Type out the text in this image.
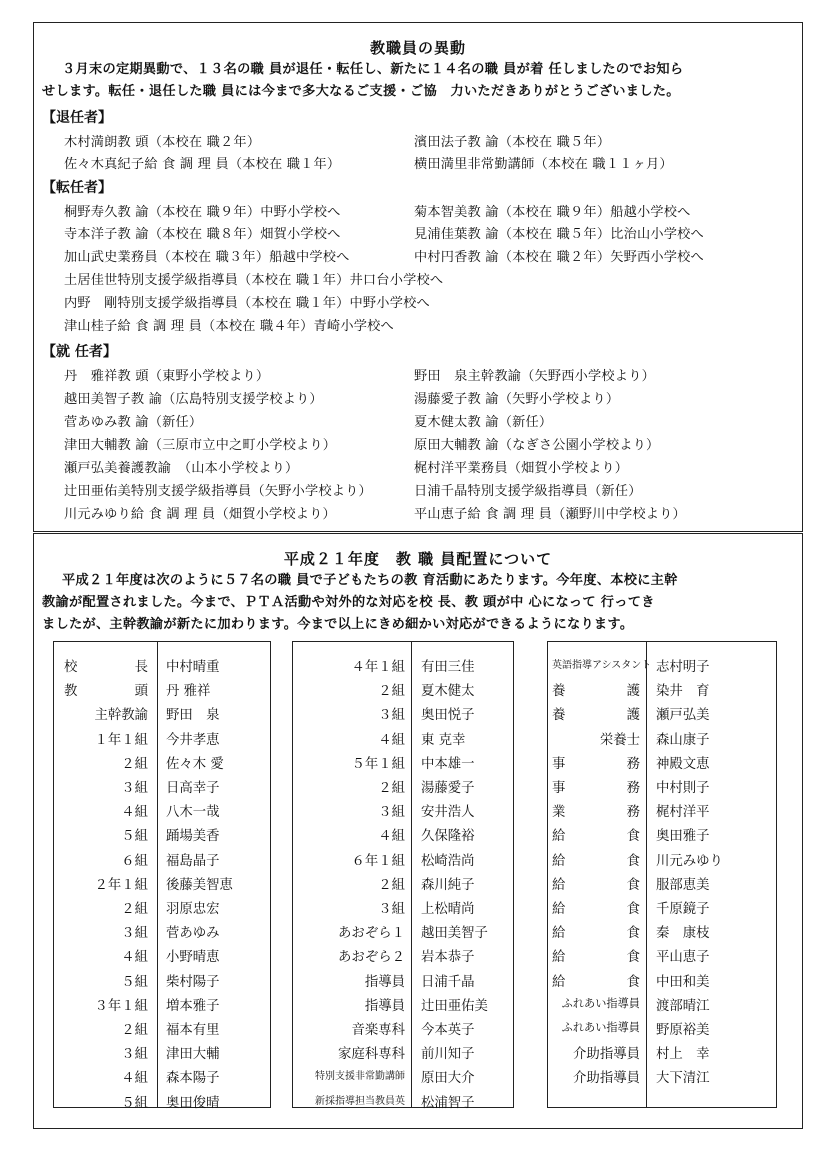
教職員の異動
３月末の定期異動で、１３名の職 員が退任・転任し、新たに１４名の職 員が着 任しましたのでお知ら
せします。転任・退任した職 員には今まで多大なるご支援・ご協　力いただきありがとうございました。
【退任者】
木村満朗教 頭（本校在 職２年）	濱田法子教 諭（本校在 職５年）
佐々木真紀子給 食 調 理 員（本校在 職１年）	横田満里非常勤講師（本校在 職１１ヶ月）
【転任者】
桐野寿久教 諭（本校在 職９年）中野小学校へ	菊本智美教 諭（本校在 職９年）船越小学校へ
寺本洋子教 諭（本校在 職８年）畑賀小学校へ	見浦佳葉教 諭（本校在 職５年）比治山小学校へ
加山武史業務員（本校在 職３年）船越中学校へ	中村円香教 諭（本校在 職２年）矢野西小学校へ
土居佳世特別支援学級指導員（本校在 職１年）井口台小学校へ
内野　剛特別支援学級指導員（本校在 職１年）中野小学校へ
津山桂子給 食 調 理 員（本校在 職４年）青崎小学校へ
【就 任者】
丹　雅祥教 頭（東野小学校より）	野田　泉主幹教諭（矢野西小学校より）
越田美智子教 諭（広島特別支援学校より）	湯藤愛子教 諭（矢野小学校より）
菅あゆみ教 諭（新任）	夏木健太教 諭（新任）
津田大輔教 諭（三原市立中之町小学校より）	原田大輔教 諭（なぎさ公園小学校より）
瀬戸弘美養護教諭　（山本小学校より）	梶村洋平業務員（畑賀小学校より）
辻田亜佑美特別支援学級指導員（矢野小学校より）	日浦千晶特別支援学級指導員（新任）
川元みゆり給 食 調 理 員（畑賀小学校より）	平山恵子給 食 調 理 員（瀬野川中学校より）
平成２１年度　教 職 員配置について
平成２１年度は次のように５７名の職 員で子どもたちの教 育活動にあたります。今年度、本校に主幹
教諭が配置されました。今まで、ＰＴＡ活動や対外的な対応を校 長、教 頭が中 心になって 行ってき
ましたが、主幹教諭が新たに加わります。今まで以上にきめ細かい対応ができるようになります。
校　長 中村晴重
教　頭 丹 雅祥
主幹教諭 野田　泉
１年１組 今井孝恵
２組 佐々木 愛
３組 日高幸子
４組 八木一哉
５組 踊場美香
６組 福島晶子
２年１組 後藤美智恵
２組 羽原忠宏
３組 菅あゆみ
４組 小野晴恵
５組 柴村陽子
３年１組 増本雅子
２組 福本有里
３組 津田大輔
４組 森本陽子
５組 奥田俊晴
４年１組 有田三佳
２組 夏木健太
３組 奥田悦子
４組 東 克幸
５年１組 中本雄一
２組 湯藤愛子
３組 安井浩人
４組 久保隆裕
６年１組 松崎浩尚
２組 森川純子
３組 上松晴尚
あおぞら１ 越田美智子
あおぞら２ 岩本恭子
指導員 日浦千晶
指導員 辻田亜佑美
音楽専科 今本英子
家庭科専科 前川知子
特別支援非常勤講師 原田大介
新採指導担当教員英 松浦智子
英語指導アシスタント 志村明子
養　護 染井　育
養　護 瀬戸弘美
栄養士 森山康子
事　務 神殿文恵
事　務 中村則子
業　務 梶村洋平
給　食 奥田雅子
給　食 川元みゆり
給　食 服部恵美
給　食 千原鏡子
給　食 秦　康枝
給　食 平山恵子
給　食 中田和美
ふれあい指導員 渡部晴江
ふれあい指導員 野原裕美
介助指導員 村上　幸
介助指導員 大下清江
